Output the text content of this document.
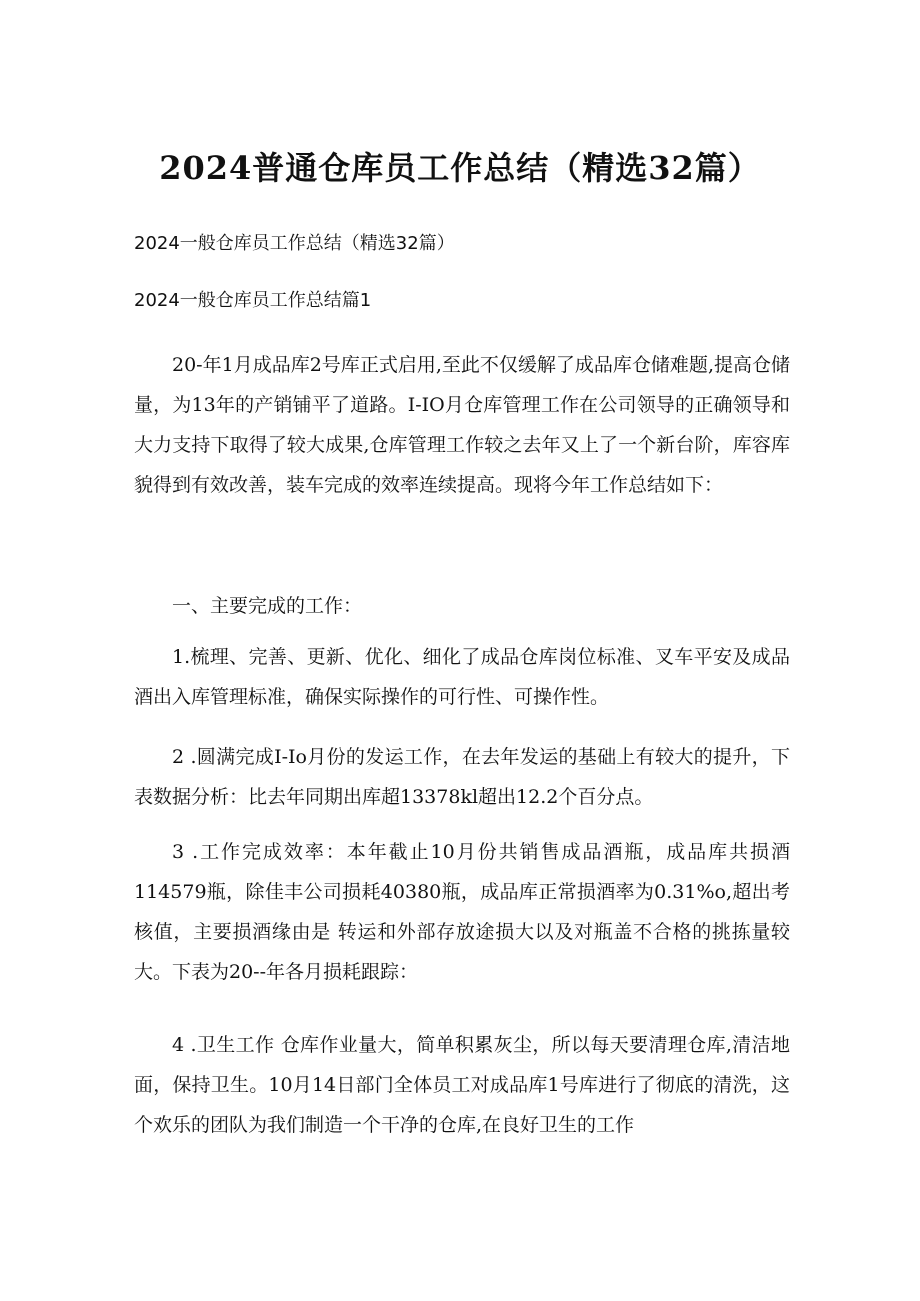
2024普通仓库员工作总结（精选32篇）

2024一般仓库员工作总结（精选32篇）

2024一般仓库员工作总结篇1

20-年1月成品库2号库正式启用,至此不仅缓解了成品库仓储难题,提高仓储量，为13年的产销铺平了道路。I-IO月仓库管理工作在公司领导的正确领导和大力支持下取得了较大成果,仓库管理工作较之去年又上了一个新台阶，库容库貌得到有效改善，装车完成的效率连续提高。现将今年工作总结如下：

一、主要完成的工作：

1.梳理、完善、更新、优化、细化了成品仓库岗位标准、叉车平安及成品酒出入库管理标准，确保实际操作的可行性、可操作性。

2 .圆满完成I-Io月份的发运工作，在去年发运的基础上有较大的提升，下表数据分析：比去年同期出库超13378kl超出12.2个百分点。

3 .工作完成效率：本年截止10月份共销售成品酒瓶，成品库共损酒114579瓶，除佳丰公司损耗40380瓶，成品库正常损酒率为0.31%o,超出考核值，主要损酒缘由是 转运和外部存放途损大以及对瓶盖不合格的挑拣量较大。下表为20--年各月损耗跟踪：

4 .卫生工作 仓库作业量大，简单积累灰尘，所以每天要清理仓库,清洁地面，保持卫生。10月14日部门全体员工对成品库1号库进行了彻底的清洗，这个欢乐的团队为我们制造一个干净的仓库,在良好卫生的工作
